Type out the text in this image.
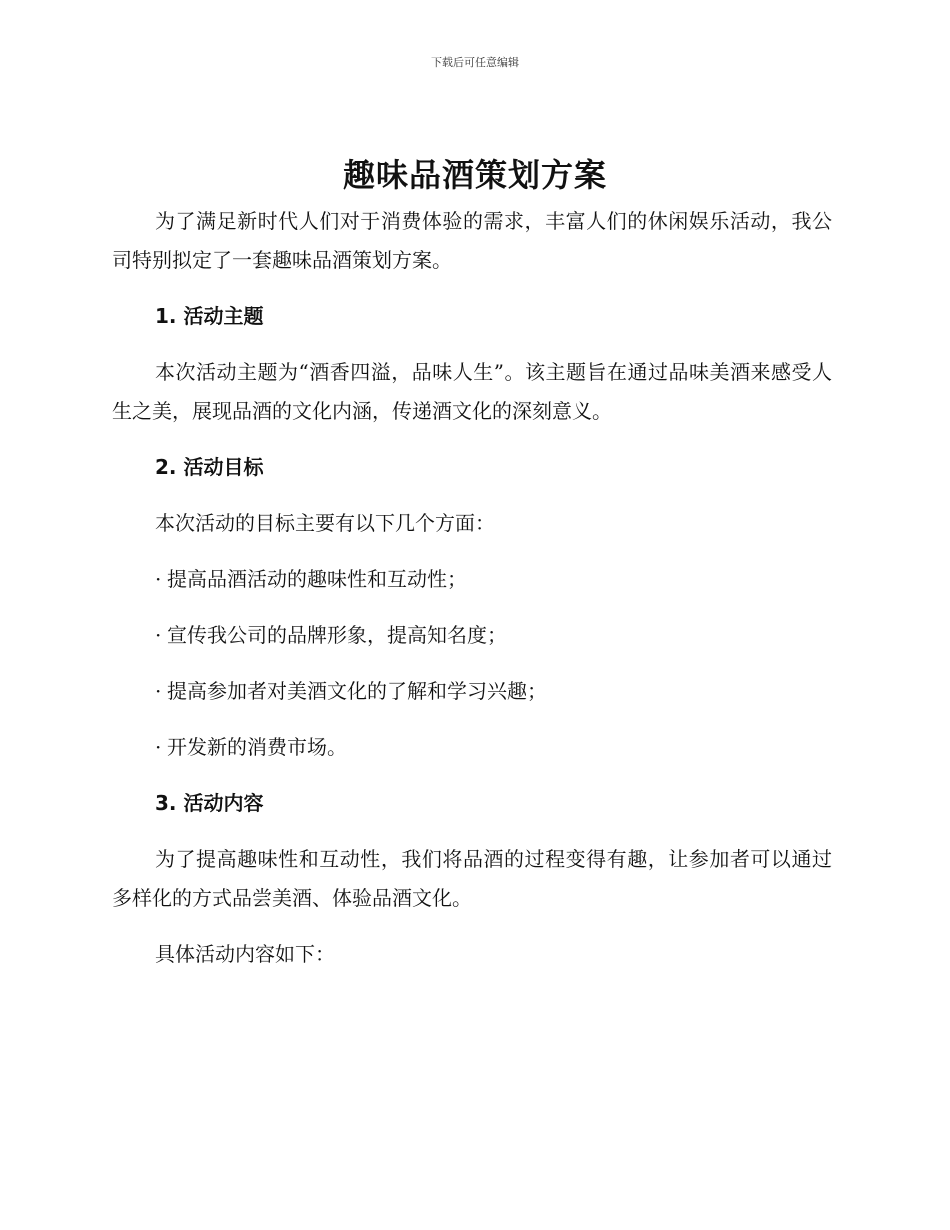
下载后可任意编辑
趣味品酒策划方案

为了满足新时代人们对于消费体验的需求，丰富人们的休闲娱乐活动，我公司特别拟定了一套趣味品酒策划方案。

1. 活动主题

本次活动主题为“酒香四溢，品味人生”。该主题旨在通过品味美酒来感受人生之美，展现品酒的文化内涵，传递酒文化的深刻意义。

2. 活动目标

本次活动的目标主要有以下几个方面：

· 提高品酒活动的趣味性和互动性；
· 宣传我公司的品牌形象，提高知名度；
· 提高参加者对美酒文化的了解和学习兴趣；
· 开发新的消费市场。
3. 活动内容

为了提高趣味性和互动性，我们将品酒的过程变得有趣，让参加者可以通过多样化的方式品尝美酒、体验品酒文化。

具体活动内容如下：
